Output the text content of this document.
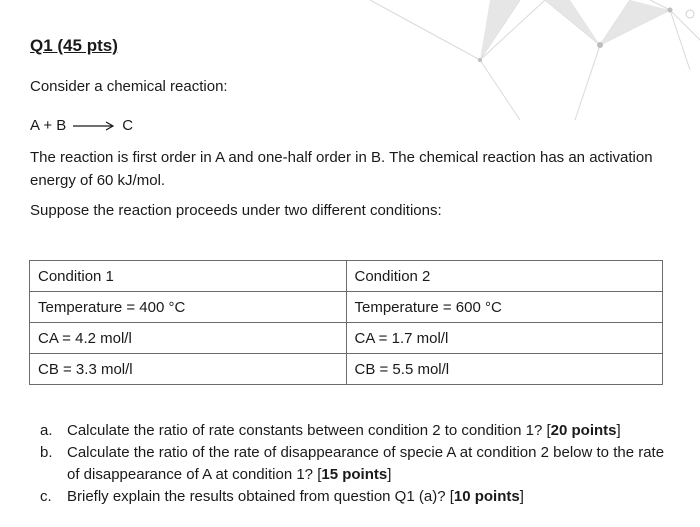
Q1 (45 pts)
Consider a chemical reaction:
A + B	C
The reaction is first order in A and one-half order in B. The chemical reaction has an activation energy of 60 kJ/mol.
Suppose the reaction proceeds under two different conditions:
Condition 1	Condition 2
Temperature = 400 °C	Temperature = 600 °C
CA = 4.2 mol/l	CA = 1.7 mol/l
CB = 3.3 mol/l	CB = 5.5 mol/l
a. Calculate the ratio of rate constants between condition 2 to condition 1? [20 points]
b. Calculate the ratio of the rate of disappearance of specie A at condition 2 below to the rate of disappearance of A at condition 1? [15 points]
c.	Briefly explain the results obtained from question Q1 (a)? [10 points]
